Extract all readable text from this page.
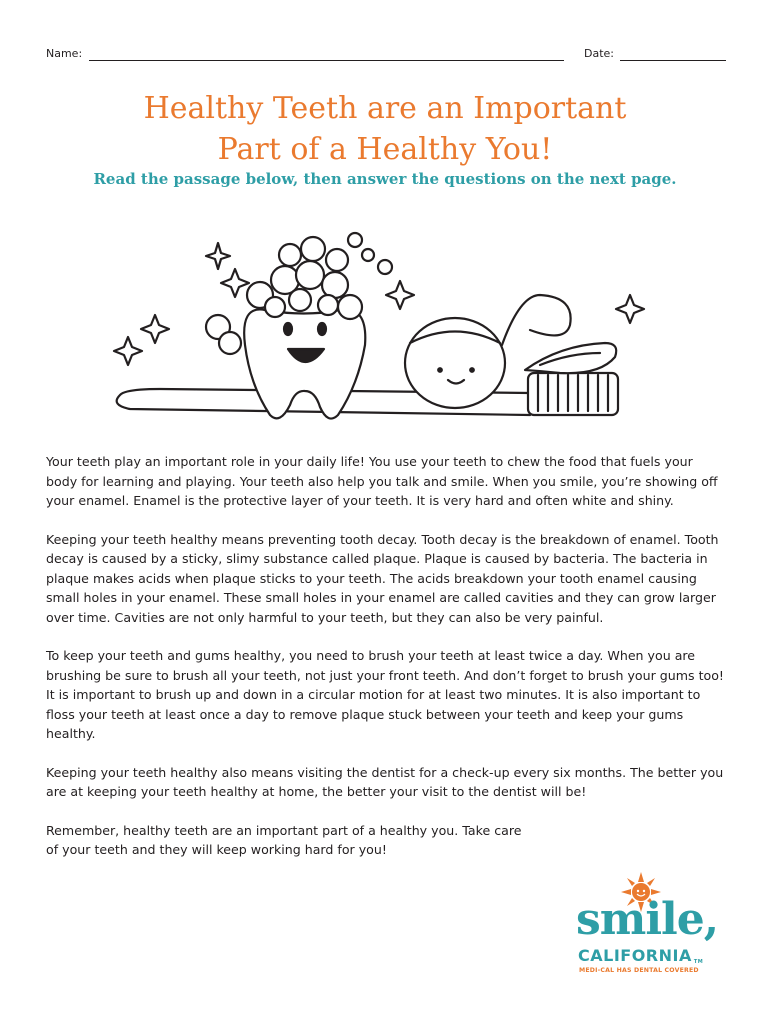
Name:	Date:
Healthy Teeth are an Important
Part of a Healthy You!
Read the passage below, then answer the questions on the next page.

Your teeth play an important role in your daily life! You use your teeth to chew the food that fuels your body for learning and playing. Your teeth also help you talk and smile. When you smile, you’re showing off your enamel. Enamel is the protective layer of your teeth. It is very hard and often white and shiny.

Keeping your teeth healthy means preventing tooth decay. Tooth decay is the breakdown of enamel. Tooth decay is caused by a sticky, slimy substance called plaque. Plaque is caused by bacteria. The bacteria in plaque makes acids when plaque sticks to your teeth. The acids breakdown your tooth enamel causing small holes in your enamel. These small holes in your enamel are called cavities and they can grow larger over time. Cavities are not only harmful to your teeth, but they can also be very painful.

To keep your teeth and gums healthy, you need to brush your teeth at least twice a day. When you are brushing be sure to brush all your teeth, not just your front teeth. And don’t forget to brush your gums too! It is important to brush up and down in a circular motion for at least two minutes. It is also important to floss your teeth at least once a day to remove plaque stuck between your teeth and keep your gums healthy.

Keeping your teeth healthy also means visiting the dentist for a check-up every six months. The better you are at keeping your teeth healthy at home, the better your visit to the dentist will be!

Remember, healthy teeth are an important part of a healthy you. Take care of your teeth and they will keep working hard for you!

smile,
CALIFORNIA TM
MEDI-CAL HAS DENTAL COVERED
